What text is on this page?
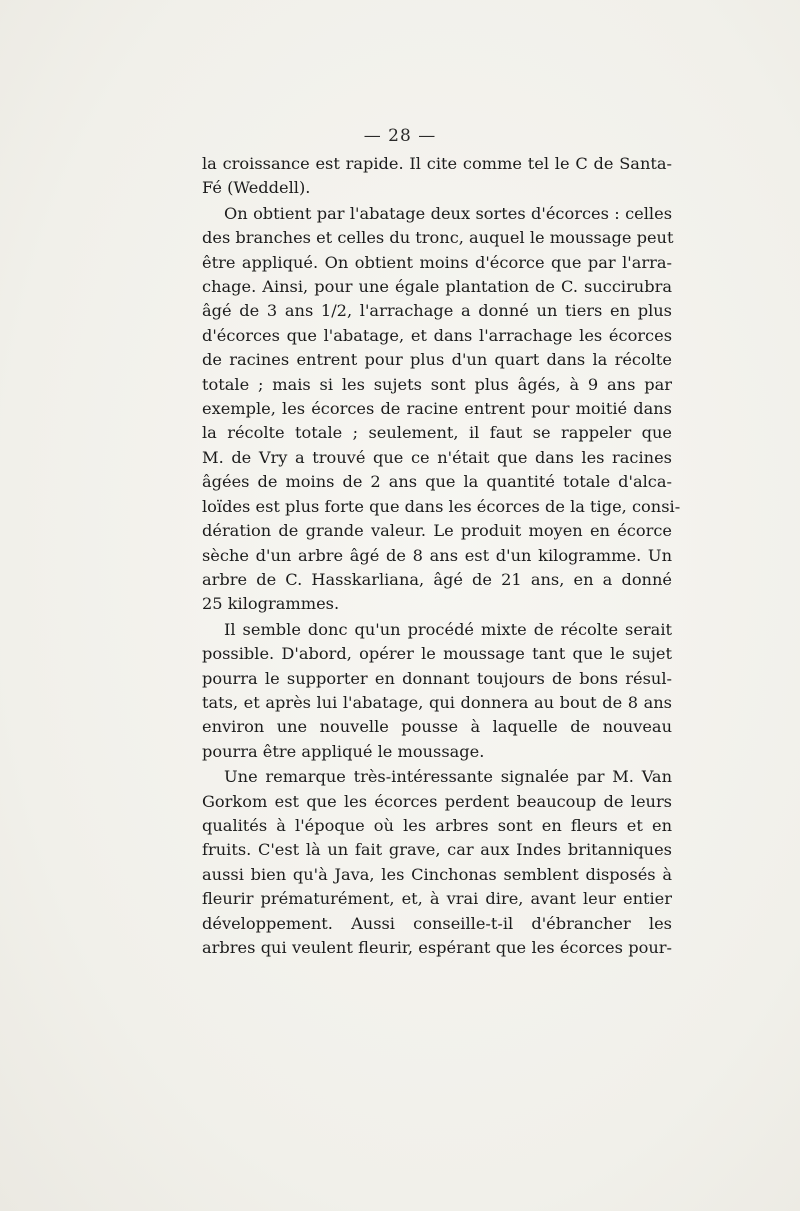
— 28 —

la croissance est rapide. Il cite comme tel le C de Santa-
Fé (Weddell).

On obtient par l'abatage deux sortes d'écorces : celles
des branches et celles du tronc, auquel le moussage peut
être appliqué. On obtient moins d'écorce que par l'arra-
chage. Ainsi, pour une égale plantation de C. succirubra
âgé de 3 ans 1/2, l'arrachage a donné un tiers en plus
d'écorces que l'abatage, et dans l'arrachage les écorces
de racines entrent pour plus d'un quart dans la récolte
totale ; mais si les sujets sont plus âgés, à 9 ans par
exemple, les écorces de racine entrent pour moitié dans
la récolte totale ; seulement, il faut se rappeler que
M. de Vry a trouvé que ce n'était que dans les racines
âgées de moins de 2 ans que la quantité totale d'alca-
loïdes est plus forte que dans les écorces de la tige, consi-
dération de grande valeur. Le produit moyen en écorce
sèche d'un arbre âgé de 8 ans est d'un kilogramme. Un
arbre de C. Hasskarliana, âgé de 21 ans, en a donné
25 kilogrammes.

Il semble donc qu'un procédé mixte de récolte serait
possible. D'abord, opérer le moussage tant que le sujet
pourra le supporter en donnant toujours de bons résul-
tats, et après lui l'abatage, qui donnera au bout de 8 ans
environ une nouvelle pousse à laquelle de nouveau
pourra être appliqué le moussage.

Une remarque très-intéressante signalée par M. Van
Gorkom est que les écorces perdent beaucoup de leurs
qualités à l'époque où les arbres sont en fleurs et en
fruits. C'est là un fait grave, car aux Indes britanniques
aussi bien qu'à Java, les Cinchonas semblent disposés à
fleurir prématurément, et, à vrai dire, avant leur entier
développement. Aussi conseille-t-il d'ébrancher les
arbres qui veulent fleurir, espérant que les écorces pour-
